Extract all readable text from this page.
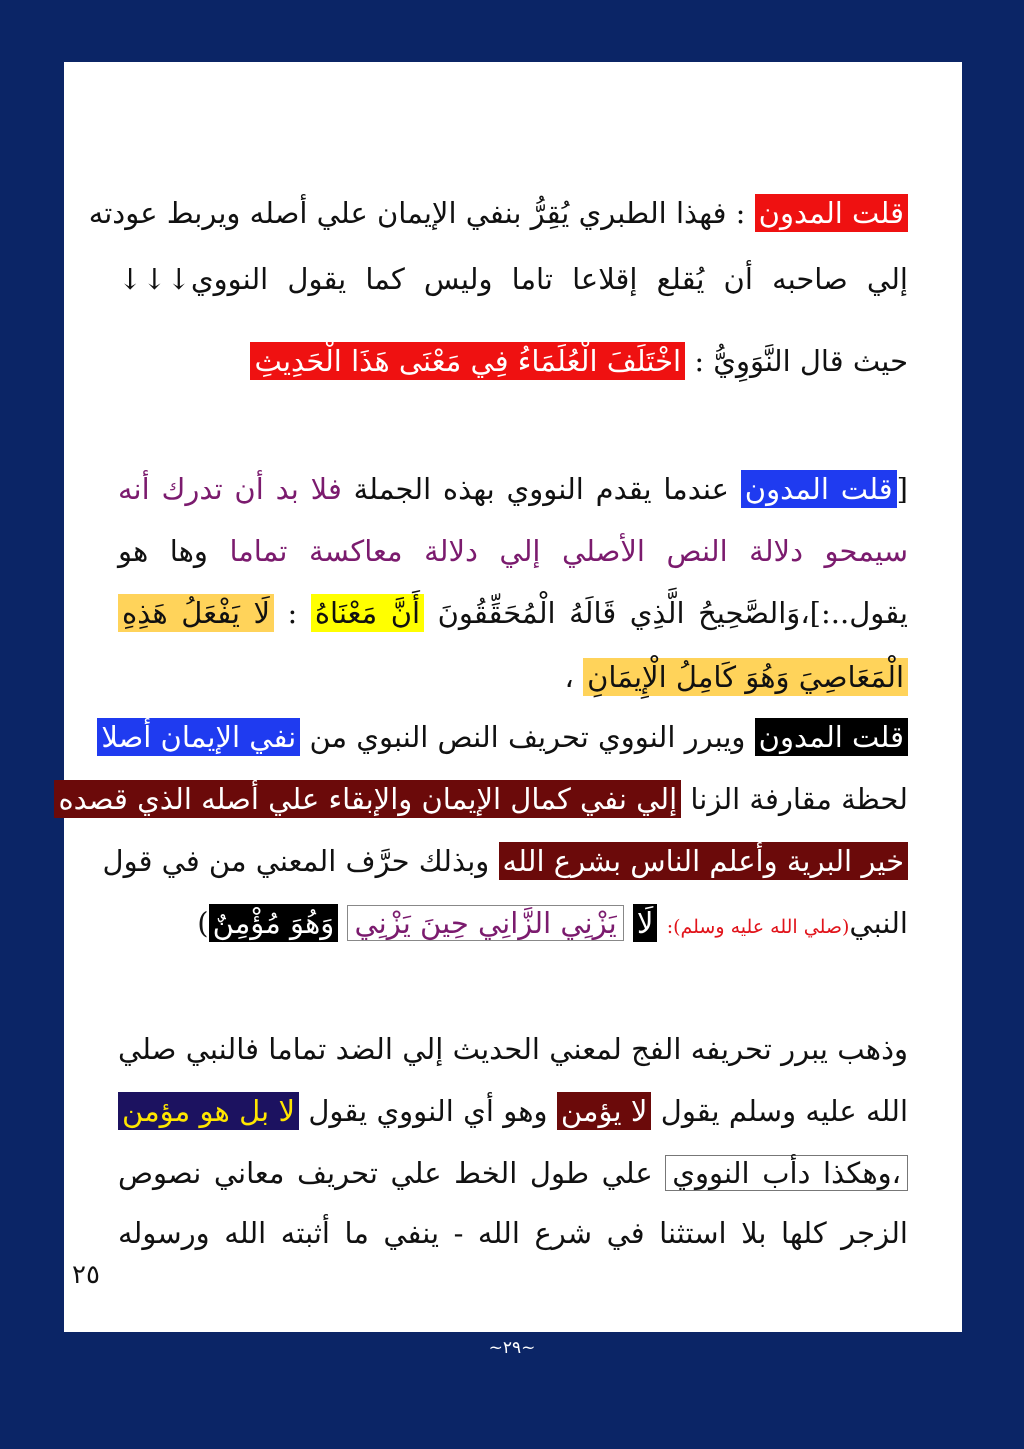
قلت المدون : فهذا الطبري يُقِرُّ بنفي الإيمان علي أصله ويربط عودته
إلي صاحبه أن يُقلع إقلاعا تاما وليس كما يقول النووي↓↓↓
حيث قال النَّوَوِيُّ : اخْتَلَفَ الْعُلَمَاءُ فِي مَعْنَى هَذَا الْحَدِيثِ
[قلت المدون عندما يقدم النووي بهذه الجملة فلا بد أن تدرك أنه
سيمحو دلالة النص الأصلي إلي دلالة معاكسة تماما وها هو
يقول..:]،وَالصَّحِيحُ الَّذِي قَالَهُ الْمُحَقِّقُونَ أَنَّ مَعْنَاهُ : لَا يَفْعَلُ هَذِهِ
الْمَعَاصِيَ وَهُوَ كَامِلُ الْإِيمَانِ ،
قلت المدون ويبرر النووي تحريف النص النبوي من نفي الإيمان أصلا
لحظة مقارفة الزنا إلي نفي كمال الإيمان والإبقاء علي أصله الذي قصده
خير البرية وأعلم الناس بشرع الله وبذلك حرَّف المعني من في قول
النبي(صلي الله عليه وسلم): لَا يَزْنِي الزَّانِي حِينَ يَزْنِي وَهُوَ مُؤْمِنٌ)
وذهب يبرر تحريفه الفج لمعني الحديث إلي الضد تماما فالنبي صلي
الله عليه وسلم يقول لا يؤمن وهو أي النووي يقول لا بل هو مؤمن
،وهكذا دأب النووي علي طول الخط علي تحريف معاني نصوص
الزجر كلها بلا استثنا في شرع الله - ينفي ما أثبته الله ورسوله
٢٥
~٢٩~
